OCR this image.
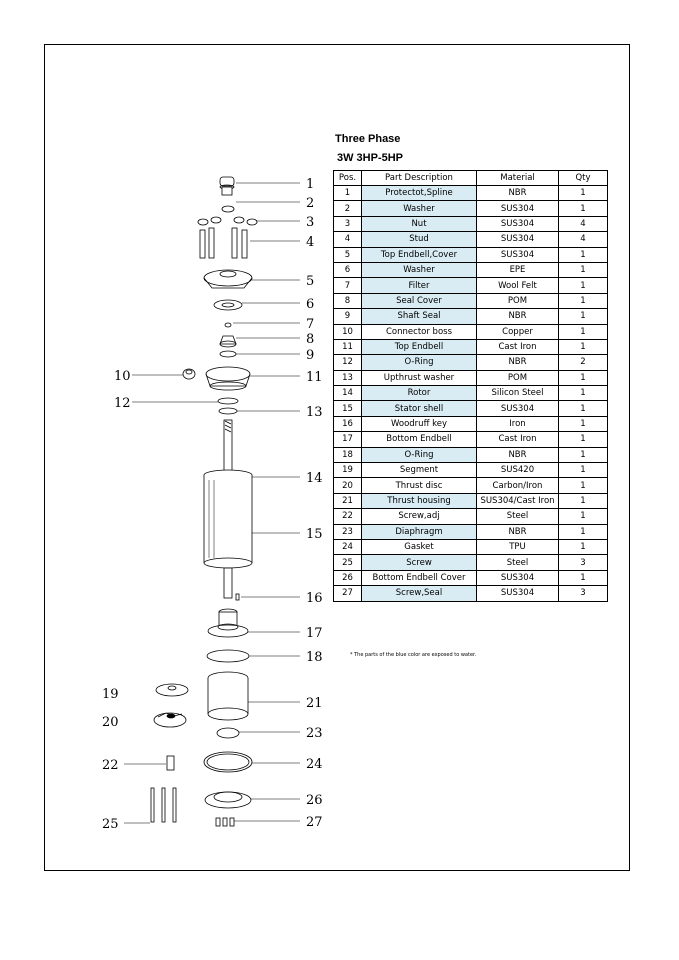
Three Phase
3W 3HP-5HP
Pos.	Part Description	Material	Qty
1	Protectot,Spline	NBR	1
2	Washer	SUS304	1
3	Nut	SUS304	4
4	Stud	SUS304	4
5	Top Endbell,Cover	SUS304	1
6	Washer	EPE	1
7	Filter	Wool Felt	1
8	Seal Cover	POM	1
9	Shaft Seal	NBR	1
10	Connector boss	Copper	1
11	Top Endbell	Cast Iron	1
12	O-Ring	NBR	2
13	Upthrust washer	POM	1
14	Rotor	Silicon Steel	1
15	Stator shell	SUS304	1
16	Woodruff key	Iron	1
17	Bottom Endbell	Cast Iron	1
18	O-Ring	NBR	1
19	Segment	SUS420	1
20	Thrust disc	Carbon/Iron	1
21	Thrust housing	SUS304/Cast Iron	1
22	Screw,adj	Steel	1
23	Diaphragm	NBR	1
24	Gasket	TPU	1
25	Screw	Steel	3
26	Bottom Endbell Cover	SUS304	1
27	Screw,Seal	SUS304	3
* The parts of the blue color are exposed to water.
1
2
3
4
5
6
7
8
9
11
13
14
15
16
17
18
21
23
24
26
27
10
12
19
20
22
25
